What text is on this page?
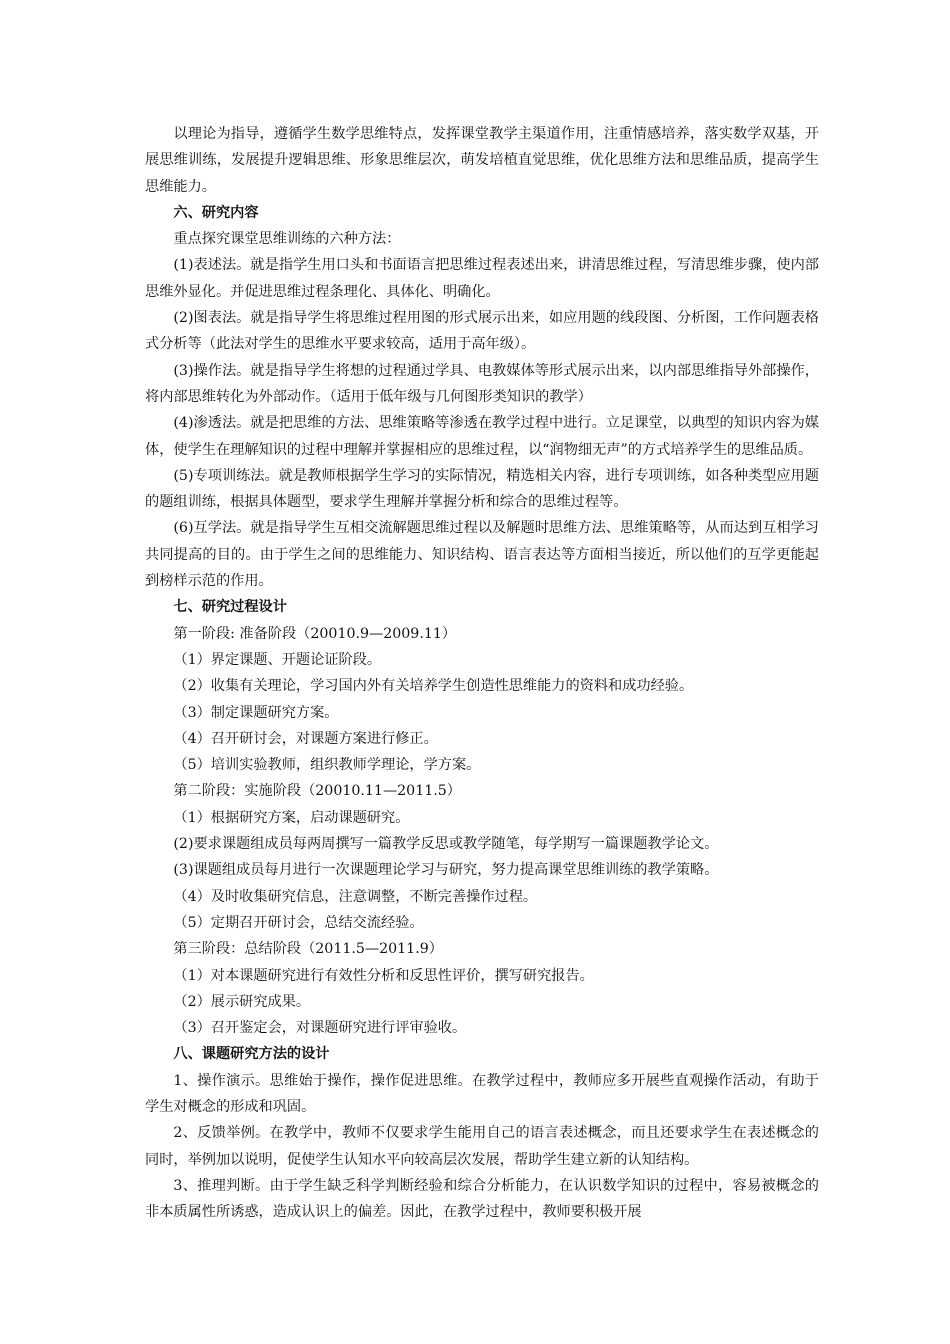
以理论为指导，遵循学生数学思维特点，发挥课堂教学主渠道作用，注重情感培养，落实数学双基，开展思维训练，发展提升逻辑思维、形象思维层次，萌发培植直觉思维，优化思维方法和思维品质，提高学生思维能力。

六、研究内容

重点探究课堂思维训练的六种方法：

(1)表述法。就是指学生用口头和书面语言把思维过程表述出来，讲清思维过程，写清思维步骤，使内部思维外显化。并促进思维过程条理化、具体化、明确化。

(2)图表法。就是指导学生将思维过程用图的形式展示出来，如应用题的线段图、分析图，工作问题表格式分析等（此法对学生的思维水平要求较高，适用于高年级）。

(3)操作法。就是指导学生将想的过程通过学具、电教媒体等形式展示出来，以内部思维指导外部操作，将内部思维转化为外部动作。（适用于低年级与几何图形类知识的教学）

(4)渗透法。就是把思维的方法、思维策略等渗透在教学过程中进行。立足课堂，以典型的知识内容为媒体，使学生在理解知识的过程中理解并掌握相应的思维过程，以“润物细无声”的方式培养学生的思维品质。

(5)专项训练法。就是教师根据学生学习的实际情况，精选相关内容，进行专项训练，如各种类型应用题的题组训练，根据具体题型，要求学生理解并掌握分析和综合的思维过程等。

(6)互学法。就是指导学生互相交流解题思维过程以及解题时思维方法、思维策略等，从而达到互相学习共同提高的目的。由于学生之间的思维能力、知识结构、语言表达等方面相当接近，所以他们的互学更能起到榜样示范的作用。

七、研究过程设计

第一阶段: 准备阶段（20010.9—2009.11）

（1）界定课题、开题论证阶段。

（2）收集有关理论，学习国内外有关培养学生创造性思维能力的资料和成功经验。

（3）制定课题研究方案。

（4）召开研讨会，对课题方案进行修正。

（5）培训实验教师，组织教师学理论，学方案。

第二阶段：实施阶段（20010.11—2011.5）

（1）根据研究方案，启动课题研究。

(2)要求课题组成员每两周撰写一篇教学反思或教学随笔，每学期写一篇课题教学论文。

(3)课题组成员每月进行一次课题理论学习与研究，努力提高课堂思维训练的教学策略。

（4）及时收集研究信息，注意调整，不断完善操作过程。

（5）定期召开研讨会，总结交流经验。

第三阶段：总结阶段（2011.5—2011.9）

（1）对本课题研究进行有效性分析和反思性评价，撰写研究报告。

（2）展示研究成果。

（3）召开鉴定会，对课题研究进行评审验收。

八、课题研究方法的设计

1、操作演示。思维始于操作，操作促进思维。在教学过程中，教师应多开展些直观操作活动，有助于学生对概念的形成和巩固。

2、反馈举例。在教学中，教师不仅要求学生能用自己的语言表述概念，而且还要求学生在表述概念的同时，举例加以说明，促使学生认知水平向较高层次发展，帮助学生建立新的认知结构。

3、推理判断。由于学生缺乏科学判断经验和综合分析能力，在认识数学知识的过程中，容易被概念的非本质属性所诱惑，造成认识上的偏差。因此，在教学过程中，教师要积极开展
